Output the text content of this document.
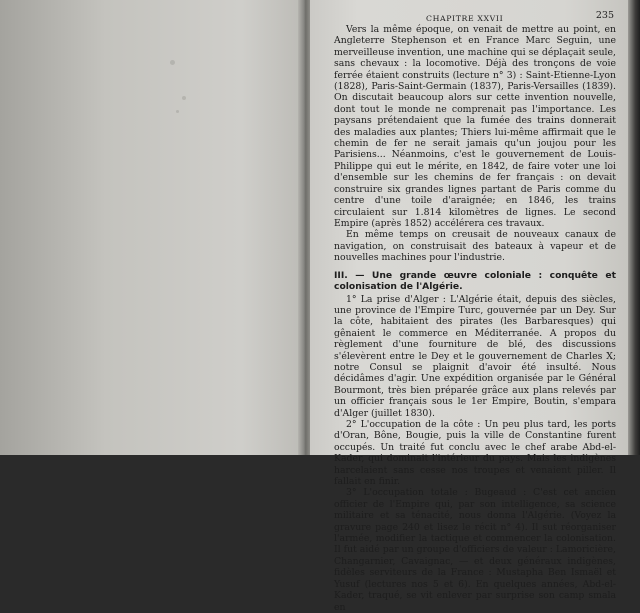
CHAPITRE XXVII	235

Vers la même époque, on venait de mettre au point, en Angleterre Stephenson et en France Marc Seguin, une merveilleuse invention, une machine qui se déplaçait seule, sans chevaux : la locomotive. Déjà des tronçons de voie ferrée étaient construits (lecture n° 3) : Saint-Etienne-Lyon (1828), Paris-Saint-Germain (1837), Paris-Versailles (1839). On discutait beaucoup alors sur cette invention nouvelle, dont tout le monde ne comprenait pas l'importance. Les paysans prétendaient que la fumée des trains donnerait des maladies aux plantes; Thiers lui-même affirmait que le chemin de fer ne serait jamais qu'un joujou pour les Parisiens... Néanmoins, c'est le gouvernement de Louis-Philippe qui eut le mérite, en 1842, de faire voter une loi d'ensemble sur les chemins de fer français : on devait construire six grandes lignes partant de Paris comme du centre d'une toile d'araignée; en 1846, les trains circulaient sur 1.814 kilomètres de lignes. Le second Empire (après 1852) accélérera ces travaux.

En même temps on creusait de nouveaux canaux de navigation, on construisait des bateaux à vapeur et de nouvelles machines pour l'industrie.

III. — Une grande œuvre coloniale : conquête et colonisation de l'Algérie.

1° La prise d'Alger : L'Algérie était, depuis des siècles, une province de l'Empire Turc, gouvernée par un Dey. Sur la côte, habitaient des pirates (les Barbaresques) qui gênaient le commerce en Méditerranée. A propos du règlement d'une fourniture de blé, des discussions s'élevèrent entre le Dey et le gouvernement de Charles X; notre Consul se plaignit d'avoir été insulté. Nous décidâmes d'agir. Une expédition organisée par le Général Bourmont, très bien préparée grâce aux plans relevés par un officier français sous le 1er Empire, Boutin, s'empara d'Alger (juillet 1830).

2° L'occupation de la côte : Un peu plus tard, les ports d'Oran, Bône, Bougie, puis la ville de Constantine furent occupés. Un traité fut conclu avec le chef arabe Abd-el-Kader, qui dominait l'intérieur du pays. Mais les indigènes harcelaient sans cesse nos troupes et venaient piller. Il fallait en finir.

3° L'occupation totale : Bugeaud : C'est cet ancien officier de l'Empire qui, par son intelligence, sa science militaire et sa ténacité, nous donna l'Algérie. (Voyez la gravure page 240 et lisez le récit n° 4). Il sut réorganiser l'armée, modifier la tactique et commencer la colonisation. Il fut aidé par un groupe d'officiers de valeur : Lamoricière, Changarnier, Cavaignac, — et deux généraux indigènes, fidèles serviteurs de la France : Mustapha Ben Ismaël et Yusuf (lectures nos 5 et 6). En quelques années, Abd-el-Kader, traqué, se vit enlever par surprise son camp smala en
